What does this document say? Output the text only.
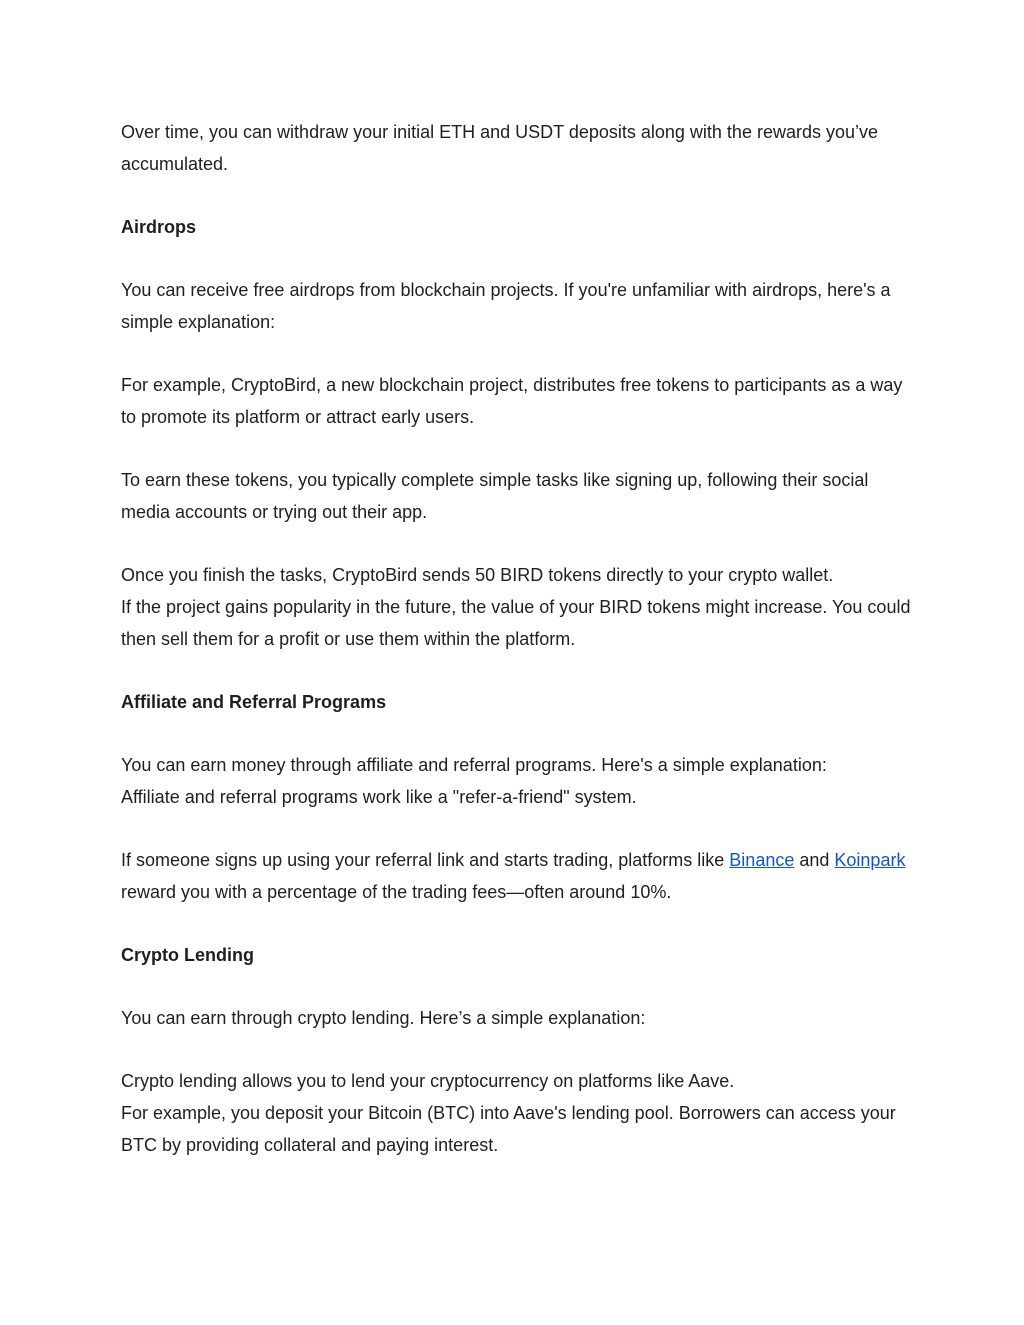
Over time, you can withdraw your initial ETH and USDT deposits along with the rewards you’ve accumulated.

Airdrops

You can receive free airdrops from blockchain projects. If you're unfamiliar with airdrops, here's a simple explanation:

For example, CryptoBird, a new blockchain project, distributes free tokens to participants as a way to promote its platform or attract early users.

To earn these tokens, you typically complete simple tasks like signing up, following their social media accounts or trying out their app.

Once you finish the tasks, CryptoBird sends 50 BIRD tokens directly to your crypto wallet.

If the project gains popularity in the future, the value of your BIRD tokens might increase. You could then sell them for a profit or use them within the platform.

Affiliate and Referral Programs

You can earn money through affiliate and referral programs. Here's a simple explanation:

Affiliate and referral programs work like a "refer-a-friend" system.

If someone signs up using your referral link and starts trading, platforms like Binance and Koinpark reward you with a percentage of the trading fees—often around 10%.

Crypto Lending

You can earn through crypto lending. Here’s a simple explanation:

Crypto lending allows you to lend your cryptocurrency on platforms like Aave.

For example, you deposit your Bitcoin (BTC) into Aave's lending pool. Borrowers can access your BTC by providing collateral and paying interest.
